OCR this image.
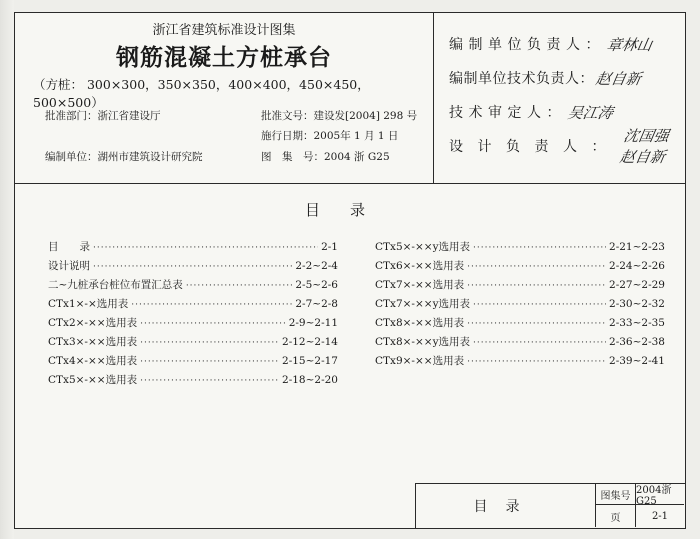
浙江省建筑标准设计图集
钢筋混凝土方桩承台
（方桩： 300×300，350×350，400×400，450×450，500×500）
批准部门：浙江省建设厅	批准文号：建设发[2004] 298 号
施行日期：2005年 1 月 1 日
编制单位：湖州市建筑设计研究院	图　集　号：2004 浙 G25
编制单位负责人： 章林山
编制单位技术负责人： 赵自新
技术审定人： 吴江涛
设计负责人：
沈国强 赵自新
目录
目　　录 ·····	2-1
设计说明 ·····	2-2~2-4
二~九桩承台桩位布置汇总表 ·····	2-5~2-6
CTx1×-×选用表 ·····	2-7~2-8
CTx2×-××选用表 ·····	2-9~2-11
CTx3×-××选用表 ·····	2-12~2-14
CTx4×-××选用表 ·····	2-15~2-17
CTx5×-××选用表 ·····	2-18~2-20
CTx5×-××y选用表 ·····	2-21~2-23
CTx6×-××选用表 ·····	2-24~2-26
CTx7×-××选用表 ·····	2-27~2-29
CTx7×-××y选用表 ·····	2-30~2-32
CTx8×-××选用表 ·····	2-33~2-35
CTx8×-××y选用表 ·····	2-36~2-38
CTx9×-××选用表 ·····	2-39~2-41
目录
图集号 2004浙G25
页	2-1
